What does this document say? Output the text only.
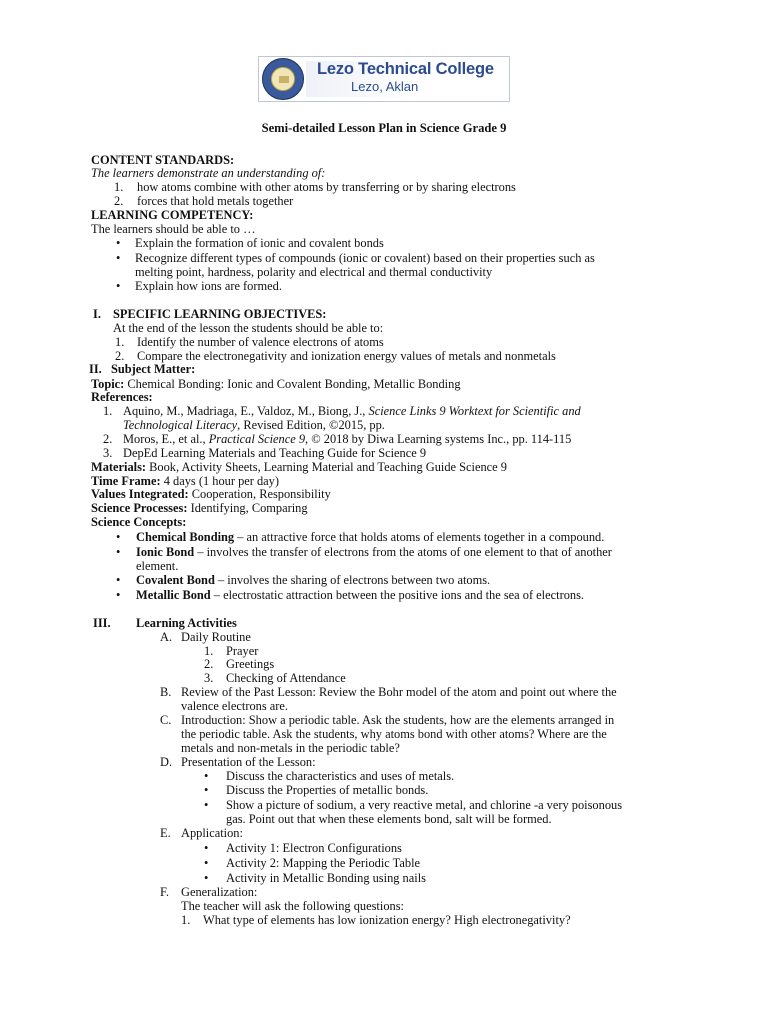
Lezo Technical College
Lezo, Aklan
Semi-detailed Lesson Plan in Science Grade 9
CONTENT STANDARDS:
The learners demonstrate an understanding of:
1. how atoms combine with other atoms by transferring or by sharing electrons
2. forces that hold metals together
LEARNING COMPETENCY:
The learners should be able to …
• Explain the formation of ionic and covalent bonds
• Recognize different types of compounds (ionic or covalent) based on their properties such as
melting point, hardness, polarity and electrical and thermal conductivity
• Explain how ions are formed.
I. SPECIFIC LEARNING OBJECTIVES:
At the end of the lesson the students should be able to:
1. Identify the number of valence electrons of atoms
2. Compare the electronegativity and ionization energy values of metals and nonmetals
II. Subject Matter:
Topic: Chemical Bonding: Ionic and Covalent Bonding, Metallic Bonding
References:
1. Aquino, M., Madriaga, E., Valdoz, M., Biong, J., Science Links 9 Worktext for Scientific and
Technological Literacy, Revised Edition, ©2015, pp.
2. Moros, E., et al., Practical Science 9, © 2018 by Diwa Learning systems Inc., pp. 114-115
3. DepEd Learning Materials and Teaching Guide for Science 9
Materials: Book, Activity Sheets, Learning Material and Teaching Guide Science 9
Time Frame: 4 days (1 hour per day)
Values Integrated: Cooperation, Responsibility
Science Processes: Identifying, Comparing
Science Concepts:
• Chemical Bonding – an attractive force that holds atoms of elements together in a compound.
• Ionic Bond – involves the transfer of electrons from the atoms of one element to that of another
element.
• Covalent Bond – involves the sharing of electrons between two atoms.
• Metallic Bond – electrostatic attraction between the positive ions and the sea of electrons.
III. Learning Activities
A. Daily Routine
1. Prayer
2. Greetings
3. Checking of Attendance
B. Review of the Past Lesson: Review the Bohr model of the atom and point out where the
valence electrons are.
C. Introduction: Show a periodic table. Ask the students, how are the elements arranged in
the periodic table. Ask the students, why atoms bond with other atoms? Where are the
metals and non-metals in the periodic table?
D. Presentation of the Lesson:
• Discuss the characteristics and uses of metals.
• Discuss the Properties of metallic bonds.
• Show a picture of sodium, a very reactive metal, and chlorine -a very poisonous
gas. Point out that when these elements bond, salt will be formed.
E. Application:
• Activity 1: Electron Configurations
• Activity 2: Mapping the Periodic Table
• Activity in Metallic Bonding using nails
F. Generalization:
The teacher will ask the following questions:
1. What type of elements has low ionization energy? High electronegativity?
